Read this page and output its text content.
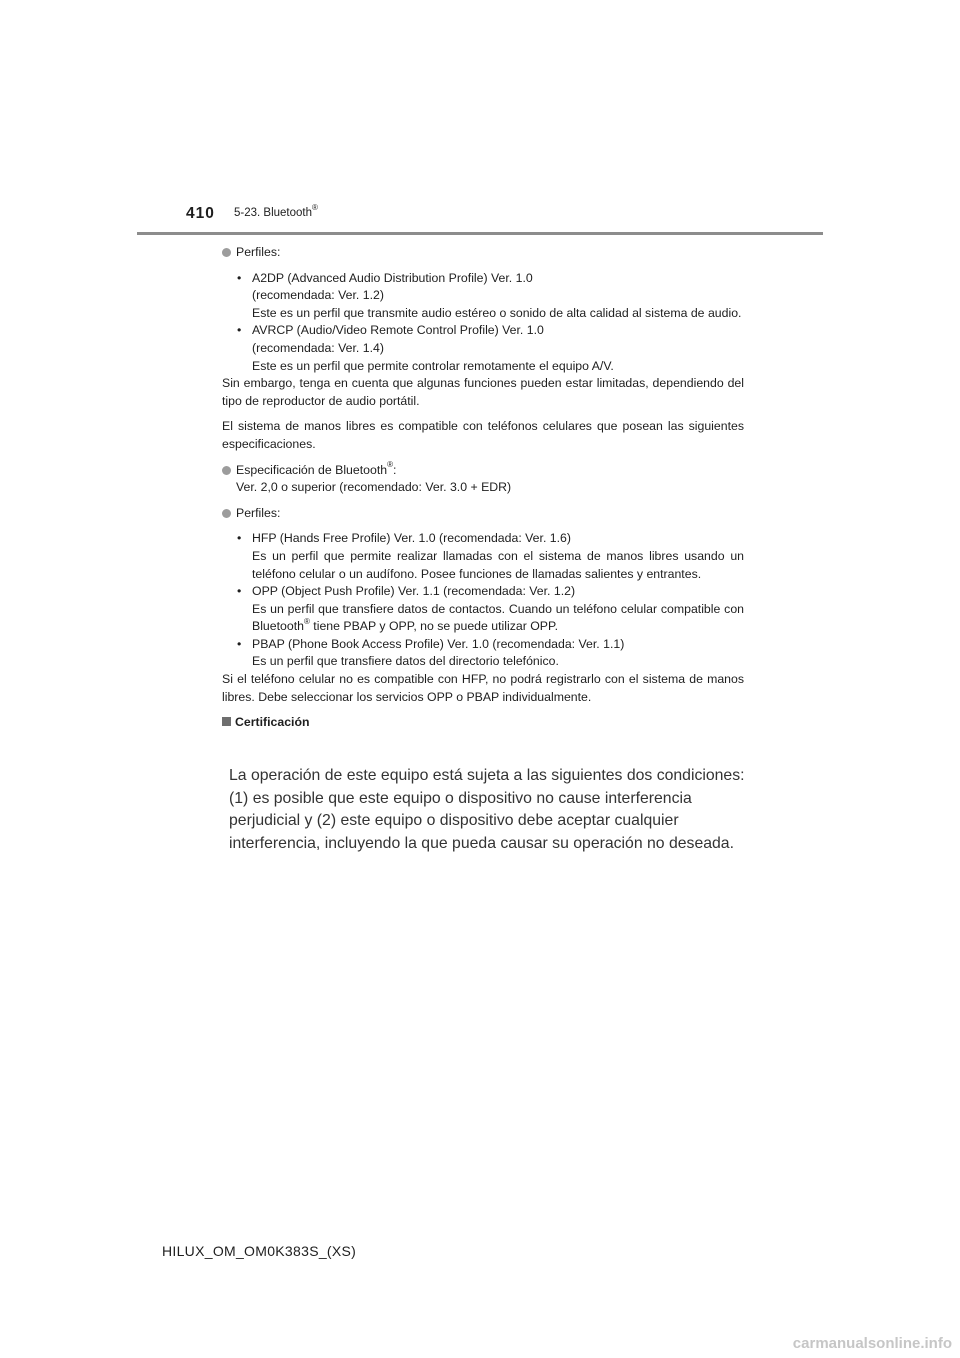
410 5-23. Bluetooth®
Perfiles:
• A2DP (Advanced Audio Distribution Profile) Ver. 1.0
(recomendada: Ver. 1.2)
Este es un perfil que transmite audio estéreo o sonido de alta calidad al sistema de audio.
• AVRCP (Audio/Video Remote Control Profile) Ver. 1.0
(recomendada: Ver. 1.4)
Este es un perfil que permite controlar remotamente el equipo A/V.

Sin embargo, tenga en cuenta que algunas funciones pueden estar limitadas, dependiendo del tipo de reproductor de audio portátil.

El sistema de manos libres es compatible con teléfonos celulares que posean las siguientes especificaciones.

Especificación de Bluetooth®:
Ver. 2,0 o superior (recomendado: Ver. 3.0 + EDR)
Perfiles:
• HFP (Hands Free Profile) Ver. 1.0 (recomendada: Ver. 1.6)
Es un perfil que permite realizar llamadas con el sistema de manos libres usando un teléfono celular o un audífono. Posee funciones de llamadas salientes y entrantes.
• OPP (Object Push Profile) Ver. 1.1 (recomendada: Ver. 1.2)
Es un perfil que transfiere datos de contactos. Cuando un teléfono celular compatible con Bluetooth® tiene PBAP y OPP, no se puede utilizar OPP.
• PBAP (Phone Book Access Profile) Ver. 1.0 (recomendada: Ver. 1.1)
Es un perfil que transfiere datos del directorio telefónico.

Si el teléfono celular no es compatible con HFP, no podrá registrarlo con el sistema de manos libres. Debe seleccionar los servicios OPP o PBAP individualmente.

Certificación
La operación de este equipo está sujeta a las siguientes dos condiciones: (1) es posible que este equipo o dispositivo no cause interferencia perjudicial y (2) este equipo o dispositivo debe aceptar cualquier interferencia, incluyendo la que pueda causar su operación no deseada.
HILUX_OM_OM0K383S_(XS)
carmanualsonline.info
